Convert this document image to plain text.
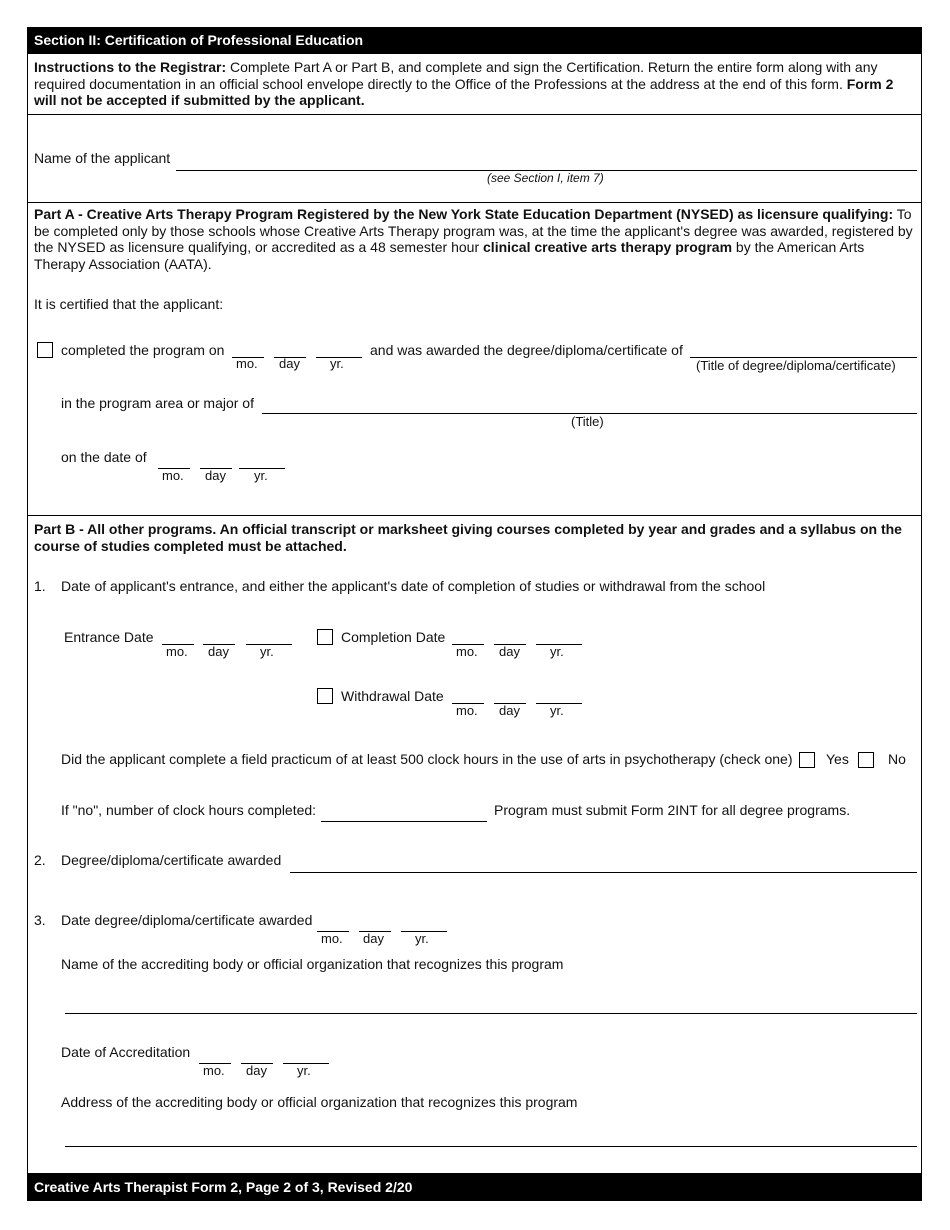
Section II: Certification of Professional Education
Instructions to the Registrar: Complete Part A or Part B, and complete and sign the Certification. Return the entire form along with any required documentation in an official school envelope directly to the Office of the Professions at the address at the end of this form. Form 2 will not be accepted if submitted by the applicant.
Name of the applicant
(see Section I, item 7)
Part A - Creative Arts Therapy Program Registered by the New York State Education Department (NYSED) as licensure qualifying: To be completed only by those schools whose Creative Arts Therapy program was, at the time the applicant's degree was awarded, registered by the NYSED as licensure qualifying, or accredited as a 48 semester hour clinical creative arts therapy program by the American Arts Therapy Association (AATA).
It is certified that the applicant:
completed the program on
mo. day yr.
and was awarded the degree/diploma/certificate of
(Title of degree/diploma/certificate)
in the program area or major of
(Title)
on the date of
mo. day yr.
Part B - All other programs. An official transcript or marksheet giving courses completed by year and grades and a syllabus on the course of studies completed must be attached.
1. Date of applicant's entrance, and either the applicant's date of completion of studies or withdrawal from the school
Entrance Date
mo. day yr.
Completion Date
mo. day yr.
Withdrawal Date
mo. day yr.
Did the applicant complete a field practicum of at least 500 clock hours in the use of arts in psychotherapy (check one) Yes	No
If "no", number of clock hours completed:	Program must submit Form 2INT for all degree programs.
2. Degree/diploma/certificate awarded
3. Date degree/diploma/certificate awarded
mo. day yr.
Name of the accrediting body or official organization that recognizes this program
Date of Accreditation
mo. day yr.
Address of the accrediting body or official organization that recognizes this program
Creative Arts Therapist Form 2, Page 2 of 3, Revised 2/20
